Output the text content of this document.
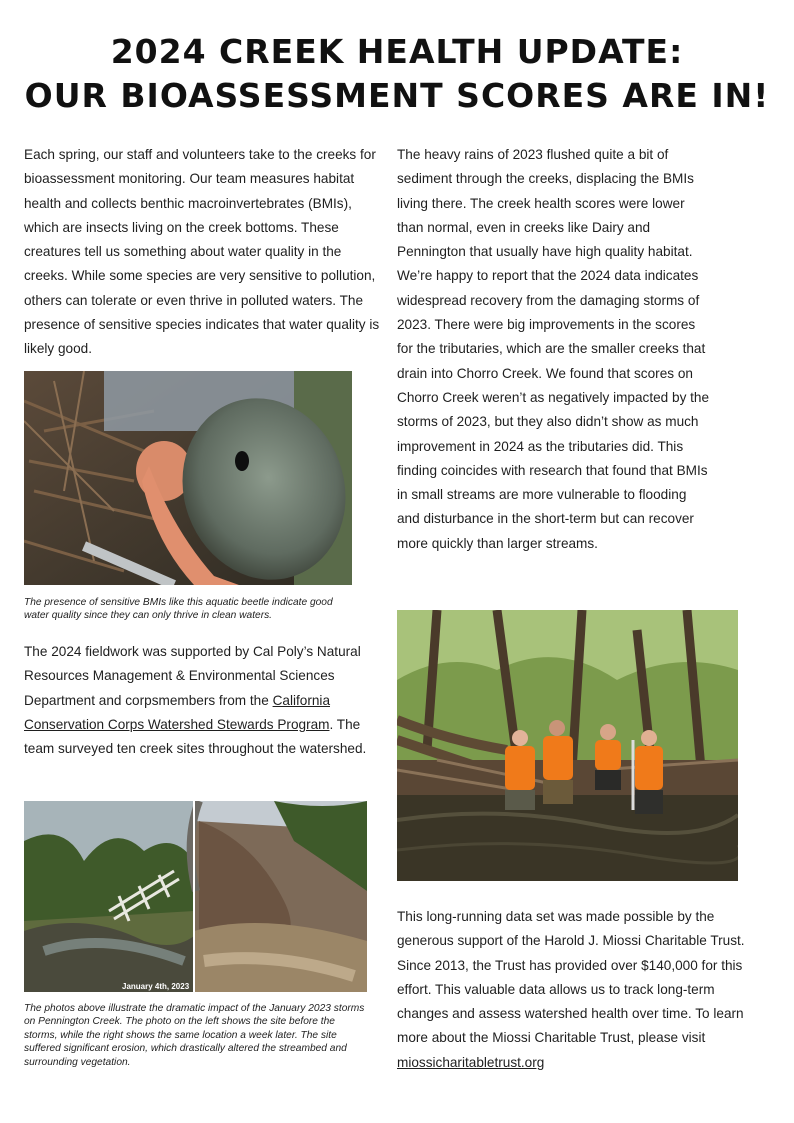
2024 CREEK HEALTH UPDATE:
OUR BIOASSESSMENT SCORES ARE IN!

Each spring, our staff and volunteers take to the creeks for bioassessment monitoring. Our team measures habitat health and collects benthic macroinvertebrates (BMIs), which are insects living on the creek bottoms. These creatures tell us something about water quality in the creeks. While some species are very sensitive to pollution, others can tolerate or even thrive in polluted waters. The presence of sensitive species indicates that water quality is likely good.

The presence of sensitive BMIs like this aquatic beetle indicate good water quality since they can only thrive in clean waters.

The 2024 fieldwork was supported by Cal Poly’s Natural Resources Management & Environmental Sciences Department and corpsmembers from the California Conservation Corps Watershed Stewards Program. The team surveyed ten creek sites throughout the watershed.

January 4th, 2023

The photos above illustrate the dramatic impact of the January 2023 storms on Pennington Creek. The photo on the left shows the site before the storms, while the right shows the same location a week later. The site suffered significant erosion, which drastically altered the streambed and surrounding vegetation.

The heavy rains of 2023 flushed quite a bit of sediment through the creeks, displacing the BMIs living there. The creek health scores were lower than normal, even in creeks like Dairy and Pennington that usually have high quality habitat. We’re happy to report that the 2024 data indicates widespread recovery from the damaging storms of 2023. There were big improvements in the scores for the tributaries, which are the smaller creeks that drain into Chorro Creek. We found that scores on Chorro Creek weren’t as negatively impacted by the storms of 2023, but they also didn’t show as much improvement in 2024 as the tributaries did. This finding coincides with research that found that BMIs in small streams are more vulnerable to flooding and disturbance in the short-term but can recover more quickly than larger streams.

This long-running data set was made possible by the generous support of the Harold J. Miossi Charitable Trust. Since 2013, the Trust has provided over $140,000 for this effort. This valuable data allows us to track long-term changes and assess watershed health over time. To learn more about the Miossi Charitable Trust, please visit miossicharitabletrust.org
